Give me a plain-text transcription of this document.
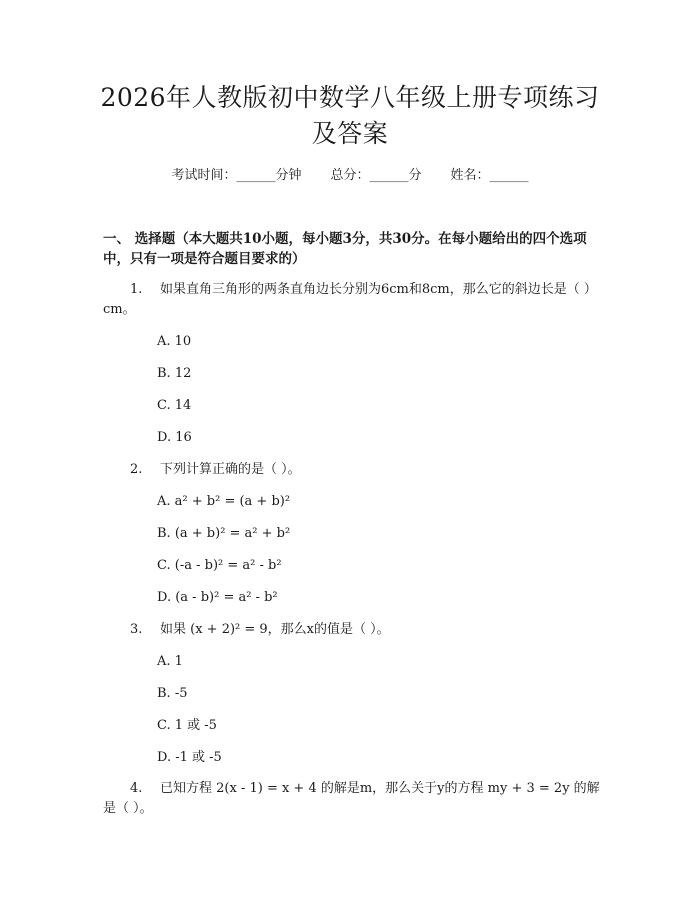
2026年人教版初中数学八年级上册专项练习及答案
考试时间：______分钟 总分：______分 姓名：______
一、 选择题（本大题共10小题，每小题3分，共30分。在每小题给出的四个选项中，只有一项是符合题目要求的）
如果直角三角形的两条直角边长分别为6cm和8cm，那么它的斜边长是（ ）cm。
1.
A. 10
B. 12
C. 14
D. 16
下列计算正确的是（ ）。
2.
A. a² + b² = (a + b)²
B. (a + b)² = a² + b²
C. (-a - b)² = a² - b²
D. (a - b)² = a² - b²
如果 (x + 2)² = 9，那么x的值是（ ）。
3.
A. 1
B. -5
C. 1 或 -5
D. -1 或 -5
已知方程 2(x - 1) = x + 4 的解是m，那么关于y的方程 my + 3 = 2y 的解是（ ）。
4.
